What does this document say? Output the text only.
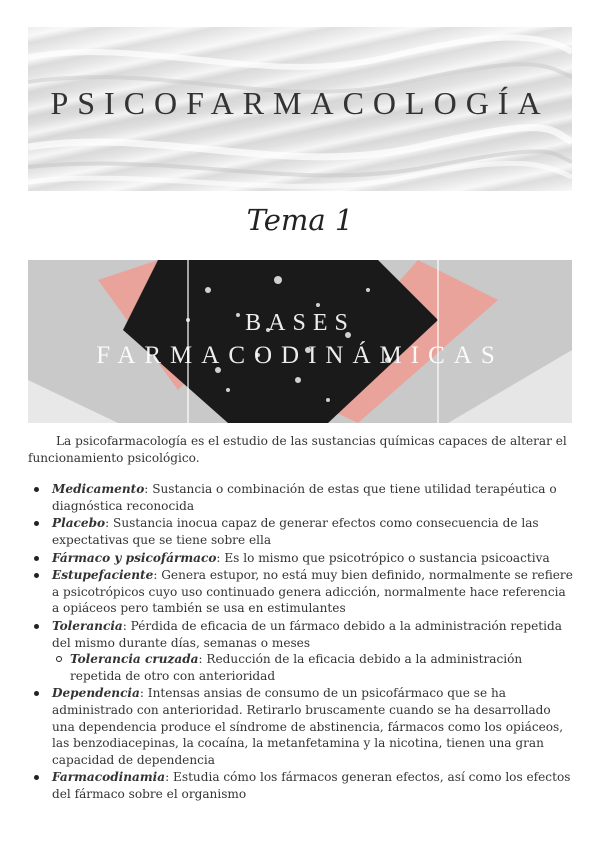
PSICOFARMACOLOGÍA
Tema 1
BASES
FARMACODINÁMICAS

La psicofarmacología es el estudio de las sustancias químicas capaces de alterar el funcionamiento psicológico.

Medicamento: Sustancia o combinación de estas que tiene utilidad terapéutica o diagnóstica reconocida
Placebo: Sustancia inocua capaz de generar efectos como consecuencia de las expectativas que se tiene sobre ella
Fármaco y psicofármaco: Es lo mismo que psicotrópico o sustancia psicoactiva
Estupefaciente: Genera estupor, no está muy bien definido, normalmente se refiere a psicotrópicos cuyo uso continuado genera adicción, normalmente hace referencia a opiáceos pero también se usa en estimulantes
Tolerancia: Pérdida de eficacia de un fármaco debido a la administración repetida del mismo durante días, semanas o meses
Tolerancia cruzada: Reducción de la eficacia debido a la administración repetida de otro con anterioridad
Dependencia: Intensas ansias de consumo de un psicofármaco que se ha administrado con anterioridad. Retirarlo bruscamente cuando se ha desarrollado una dependencia produce el síndrome de abstinencia, fármacos como los opiáceos, las benzodiacepinas, la cocaína, la metanfetamina y la nicotina, tienen una gran capacidad de dependencia
Farmacodinamia: Estudia cómo los fármacos generan efectos, así como los efectos del fármaco sobre el organismo
